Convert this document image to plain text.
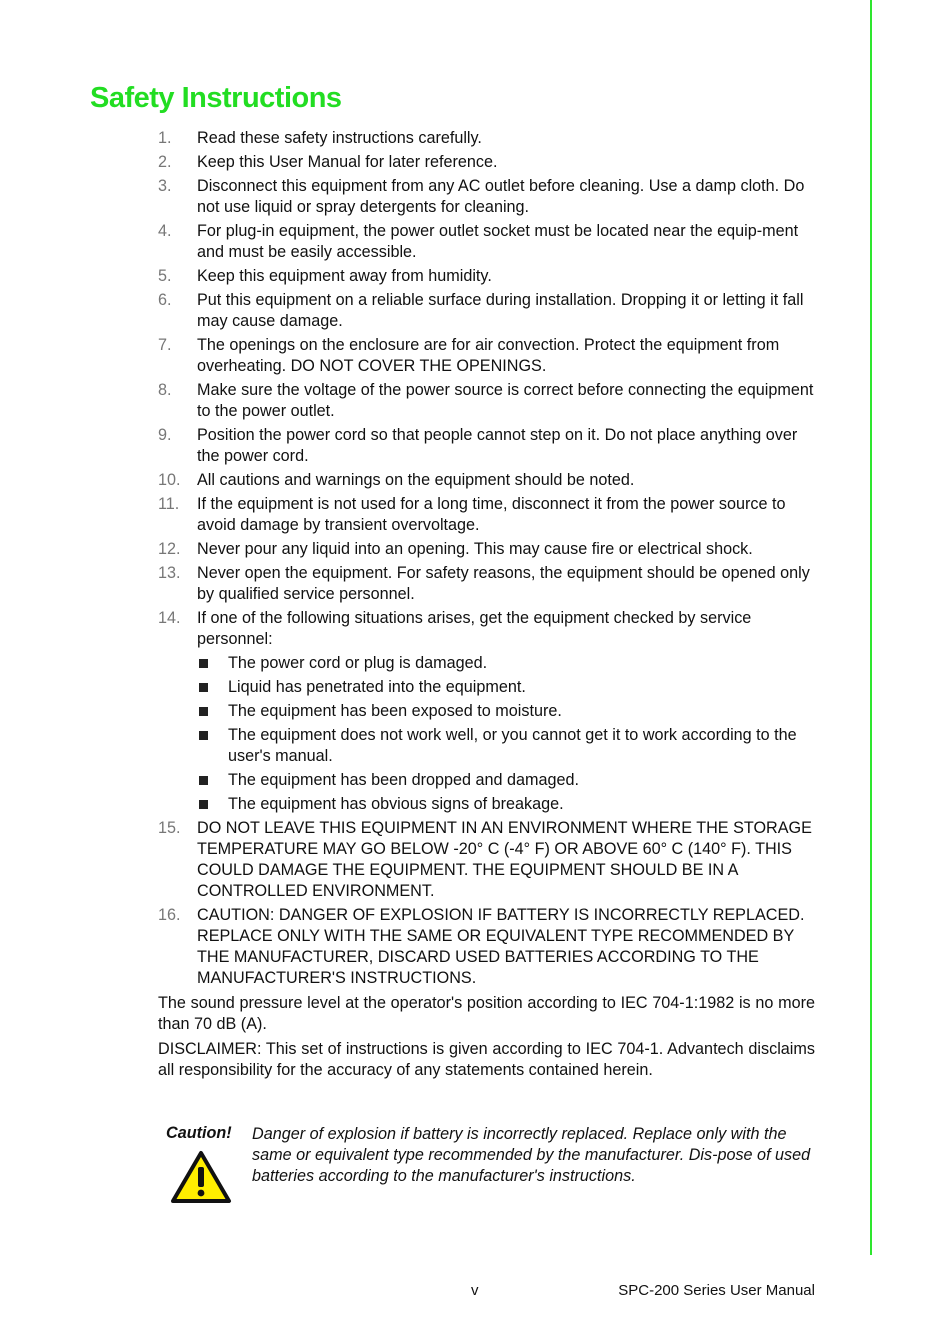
Safety Instructions
1. Read these safety instructions carefully.
2. Keep this User Manual for later reference.
3. Disconnect this equipment from any AC outlet before cleaning. Use a damp cloth. Do not use liquid or spray detergents for cleaning.
4. For plug-in equipment, the power outlet socket must be located near the equip-ment and must be easily accessible.
5. Keep this equipment away from humidity.
6. Put this equipment on a reliable surface during installation. Dropping it or letting it fall may cause damage.
7. The openings on the enclosure are for air convection. Protect the equipment from overheating. DO NOT COVER THE OPENINGS.
8. Make sure the voltage of the power source is correct before connecting the equipment to the power outlet.
9. Position the power cord so that people cannot step on it. Do not place anything over the power cord.
10. All cautions and warnings on the equipment should be noted.
11. If the equipment is not used for a long time, disconnect it from the power source to avoid damage by transient overvoltage.
12. Never pour any liquid into an opening. This may cause fire or electrical shock.
13. Never open the equipment. For safety reasons, the equipment should be opened only by qualified service personnel.
14. If one of the following situations arises, get the equipment checked by service personnel:
The power cord or plug is damaged.
Liquid has penetrated into the equipment.
The equipment has been exposed to moisture.
The equipment does not work well, or you cannot get it to work according to the user's manual.
The equipment has been dropped and damaged.
The equipment has obvious signs of breakage.
15. DO NOT LEAVE THIS EQUIPMENT IN AN ENVIRONMENT WHERE THE STORAGE TEMPERATURE MAY GO BELOW -20° C (-4° F) OR ABOVE 60° C (140° F). THIS COULD DAMAGE THE EQUIPMENT. THE EQUIPMENT SHOULD BE IN A CONTROLLED ENVIRONMENT.
16. CAUTION: DANGER OF EXPLOSION IF BATTERY IS INCORRECTLY REPLACED. REPLACE ONLY WITH THE SAME OR EQUIVALENT TYPE RECOMMENDED BY THE MANUFACTURER, DISCARD USED BATTERIES ACCORDING TO THE MANUFACTURER'S INSTRUCTIONS.

The sound pressure level at the operator's position according to IEC 704-1:1982 is no more than 70 dB (A).

DISCLAIMER: This set of instructions is given according to IEC 704-1. Advantech disclaims all responsibility for the accuracy of any statements contained herein.

Caution! Danger of explosion if battery is incorrectly replaced. Replace only with the same or equivalent type recommended by the manufacturer. Dis-pose of used batteries according to the manufacturer's instructions.
v	SPC-200 Series User Manual
